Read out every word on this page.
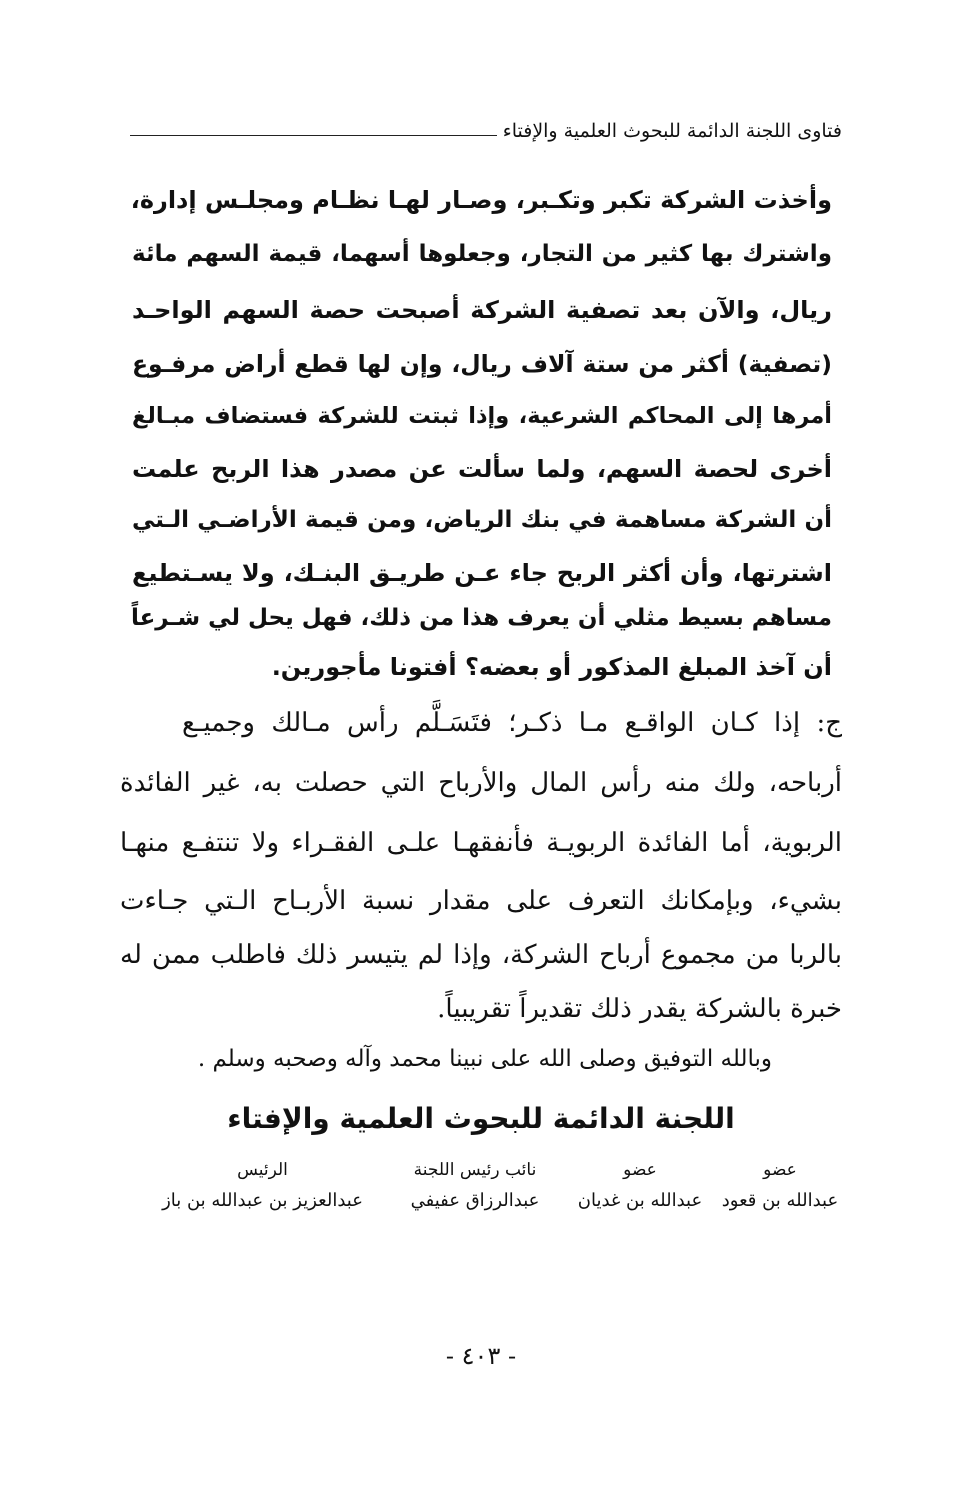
فتاوى اللجنة الدائمة للبحوث العلمية والإفتاء
وأخذت الشركة تكبر وتكـبر، وصـار لهـا نظـام ومجلـس إدارة،
واشترك بها كثير من التجار، وجعلوها أسهما، قيمة السهم مائة
ريال، والآن بعد تصفية الشركة أصبحت حصة السهم الواحـد
(تصفية) أكثر من ستة آلاف ريال، وإن لها قطع أراض مرفـوع
أمرها إلى المحاكم الشرعية، وإذا ثبتت للشركة فستضاف مبـالغ
أخرى لحصة السهم، ولما سألت عن مصدر هذا الربح علمت
أن الشركة مساهمة في بنك الرياض، ومن قيمة الأراضـي الـتي
اشترتها، وأن أكثر الربح جاء عـن طريـق البنـك، ولا يسـتطيع
مساهم بسيط مثلي أن يعرف هذا من ذلك، فهل يحل لي شـرعاً
أن آخذ المبلغ المذكور أو بعضه؟ أفتونا مأجورين.
ج: إذا كـان الواقـع مـا ذكـر؛ فتَسَـلَّم رأس مـالك وجميـع
أرباحه، ولك منه رأس المال والأرباح التي حصلت به، غير الفائدة
الربوية، أما الفائدة الربويـة فأنفقهـا علـى الفقـراء ولا تنتفـع منهـا
بشيء، وبإمكانك التعرف على مقدار نسبة الأربـاح الـتي جـاءت
بالربا من مجموع أرباح الشركة، وإذا لم يتيسر ذلك فاطلب ممن له
خبرة بالشركة يقدر ذلك تقديراً تقريبياً.
وبالله التوفيق وصلى الله على نبينا محمد وآله وصحبه وسلم .
اللجنة الدائمة للبحوث العلمية والإفتاء
عضو
عبدالله بن قعود
عضو
عبدالله بن غديان
نائب رئيس اللجنة
عبدالرزاق عفيفي
الرئيس
عبدالعزيز بن عبدالله بن باز
- ٤٠٣ -
